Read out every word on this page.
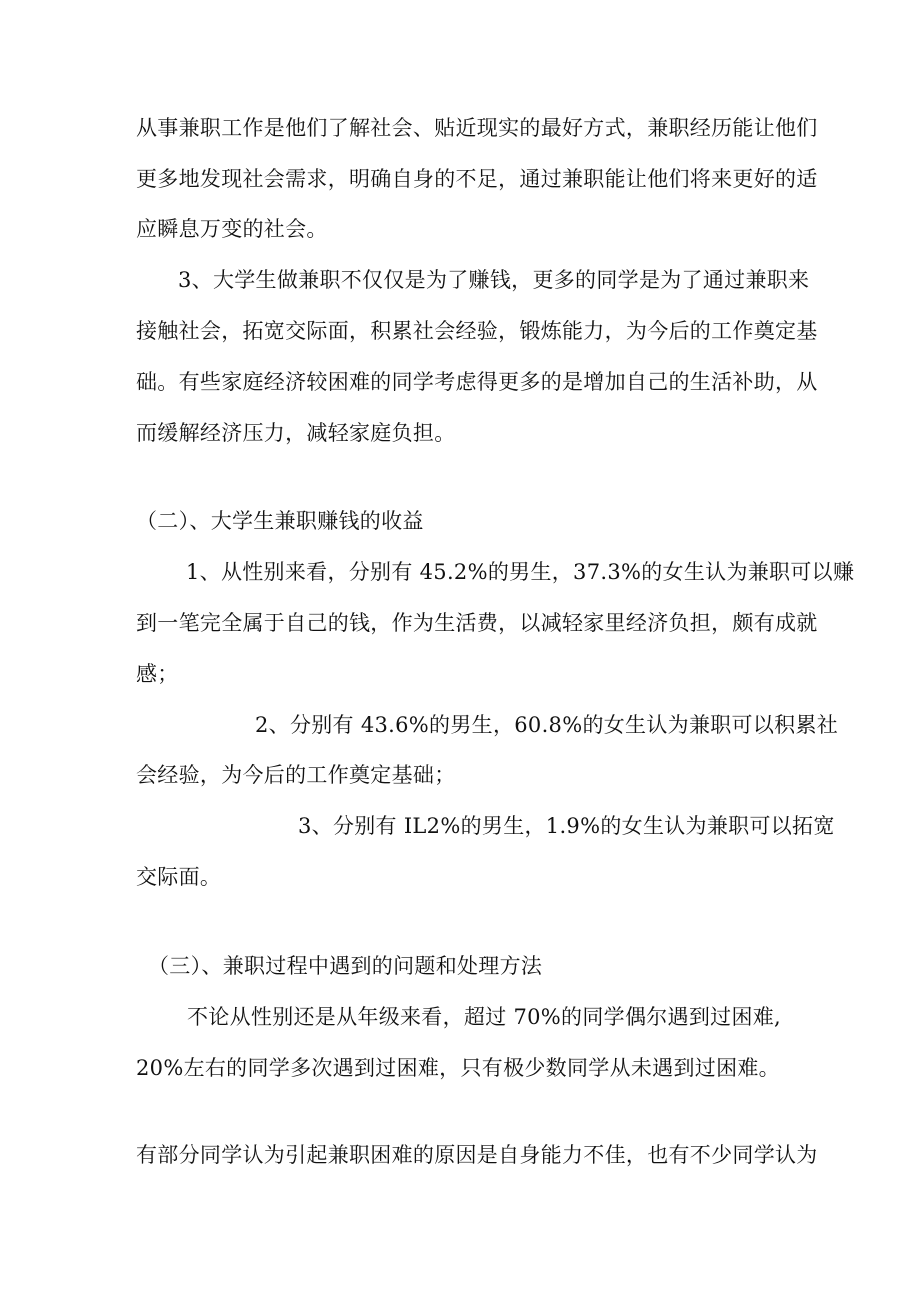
从事兼职工作是他们了解社会、贴近现实的最好方式，兼职经历能让他们
更多地发现社会需求，明确自身的不足，通过兼职能让他们将来更好的适
应瞬息万变的社会。
3、大学生做兼职不仅仅是为了赚钱，更多的同学是为了通过兼职来
接触社会，拓宽交际面，积累社会经验，锻炼能力，为今后的工作奠定基
础。有些家庭经济较困难的同学考虑得更多的是增加自己的生活补助，从
而缓解经济压力，减轻家庭负担。
（二）、大学生兼职赚钱的收益
1、从性别来看，分别有 45.2%的男生，37.3%的女生认为兼职可以赚
到一笔完全属于自己的钱，作为生活费，以减轻家里经济负担，颇有成就
感；
2、分别有 43.6%的男生，60.8%的女生认为兼职可以积累社
会经验，为今后的工作奠定基础；
3、分别有 IL2%的男生，1.9%的女生认为兼职可以拓宽
交际面。
（三）、兼职过程中遇到的问题和处理方法
不论从性别还是从年级来看，超过 70%的同学偶尔遇到过困难,
20%左右的同学多次遇到过困难，只有极少数同学从未遇到过困难。
有部分同学认为引起兼职困难的原因是自身能力不佳，也有不少同学认为
